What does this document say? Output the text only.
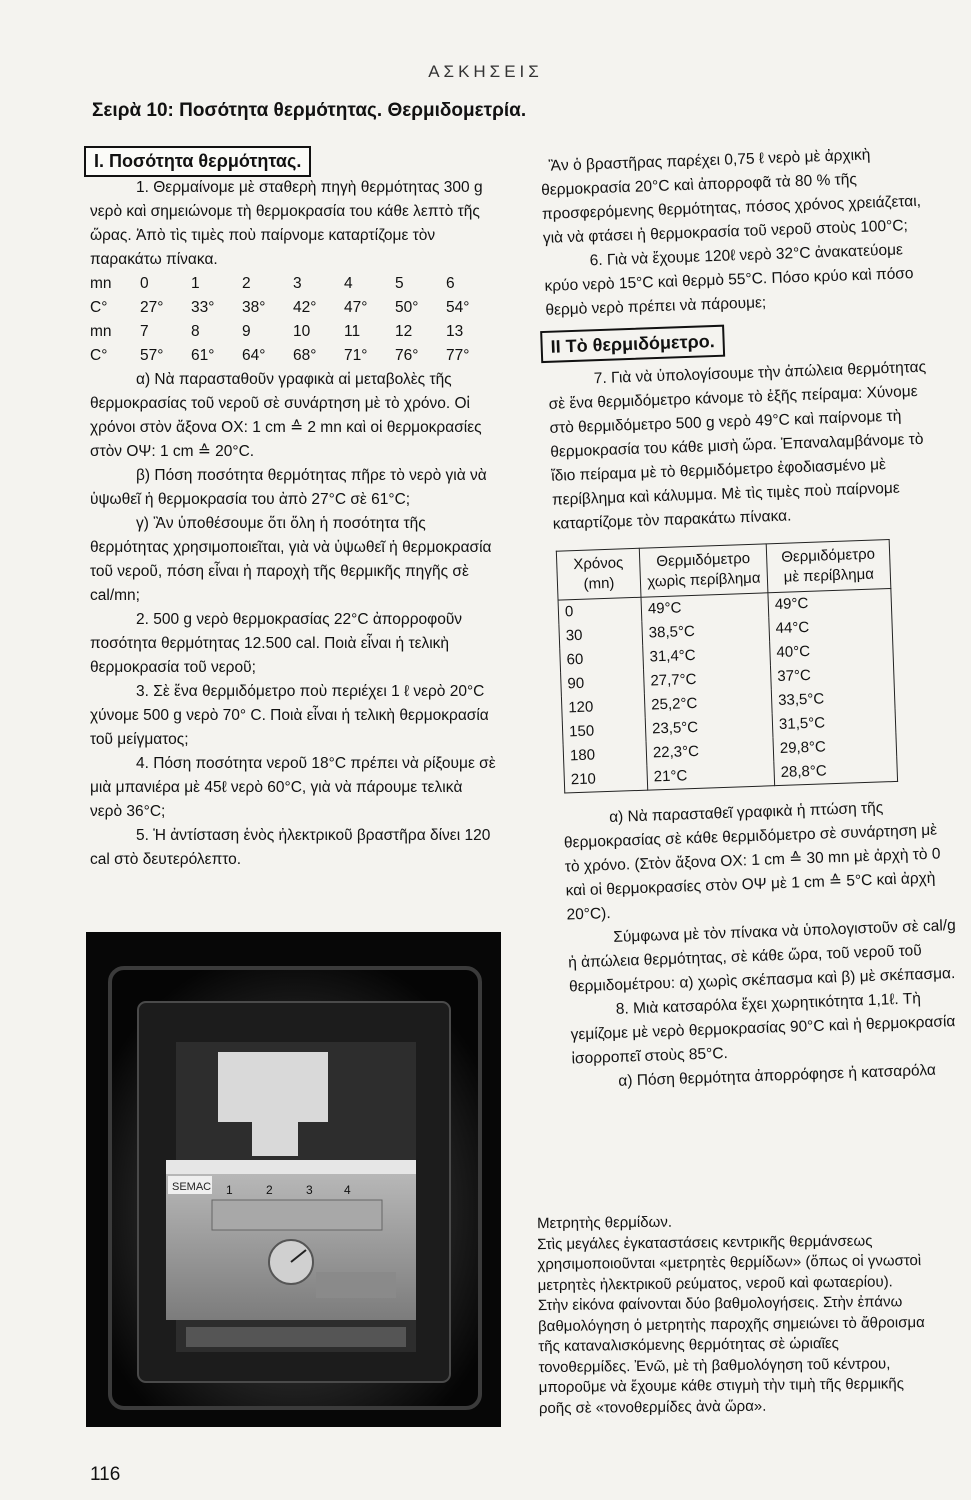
ΑΣΚΗΣΕΙΣ
Σειρὰ 10: Ποσότητα θερμότητας. Θερμιδομετρία.
I. Ποσότητα θερμότητας.

1. Θερμαίνομε μὲ σταθερὴ πηγὴ θερμότητας 300 g νερὸ καὶ σημειώνομε τὴ θερμοκρασία του κάθε λεπτὸ τῆς ὥρας. Ἀπὸ τὶς τιμὲς ποὺ παίρνομε καταρτίζομε τὸν παρακάτω πίνακα.

mn	0	1	2	3	4	5	6
C°	27°	33°	38°	42°	47°	50°	54°
mn	7	8	9	10	11	12	13
C°	57°	61°	64°	68°	71°	76°	77°

α) Νὰ παρασταθοῦν γραφικὰ αἱ μεταβολὲς τῆς θερμοκρασίας τοῦ νεροῦ σὲ συνάρτηση μὲ τὸ χρόνο. Οἱ χρόνοι στὸν ἄξονα ΟΧ: 1 cm ≙ 2 mn καὶ οἱ θερμοκρασίες στὸν ΟΨ: 1 cm ≙ 20°C.

β) Πόση ποσότητα θερμότητας πῆρε τὸ νερὸ γιὰ νὰ ὑψωθεῖ ἡ θερμοκρασία του ἀπὸ 27°C σὲ 61°C;

γ) Ἂν ὑποθέσουμε ὅτι ὅλη ἡ ποσότητα τῆς θερμότητας χρησιμοποιεῖται, γιὰ νὰ ὑψωθεῖ ἡ θερμοκρασία τοῦ νεροῦ, πόση εἶναι ἡ παροχὴ τῆς θερμικῆς πηγῆς σὲ cal/mn;

2. 500 g νερὸ θερμοκρασίας 22°C ἀπορροφοῦν ποσότητα θερμότητας 12.500 cal. Ποιὰ εἶναι ἡ τελικὴ θερμοκρασία τοῦ νεροῦ;

3. Σὲ ἕνα θερμιδόμετρο ποὺ περιέχει 1 ℓ νερὸ 20°C χύνομε 500 g νερὸ 70° C. Ποιὰ εἶναι ἡ τελικὴ θερμοκρασία τοῦ μείγματος;

4. Πόση ποσότητα νεροῦ 18°C πρέπει νὰ ρίξουμε σὲ μιὰ μπανιέρα μὲ 45ℓ νερὸ 60°C, γιὰ νὰ πάρουμε τελικὰ νερὸ 36°C;

5. Ἡ ἀντίσταση ἑνὸς ἠλεκτρικοῦ βραστῆρα δίνει 120 cal στὸ δευτερόλεπτο.

SEMAC 1	2	3	4

Ἂν ὁ βραστῆρας παρέχει 0,75 ℓ νερὸ μὲ ἀρχικὴ θερμοκρασία 20°C καὶ ἀπορροφᾶ τὰ 80 % τῆς προσφερόμενης θερμότητας, πόσος χρόνος χρειάζεται, γιὰ νὰ φτάσει ἡ θερμοκρασία τοῦ νεροῦ στοὺς 100°C;

6. Γιὰ νὰ ἔχουμε 120ℓ νερὸ 32°C ἀνακατεύομε κρύο νερὸ 15°C καὶ θερμὸ 55°C. Πόσο κρύο καὶ πόσο θερμὸ νερὸ πρέπει νὰ πάρουμε;

II Τὸ θερμιδόμετρο.

7. Γιὰ νὰ ὑπολογίσουμε τὴν ἀπώλεια θερμότητας σὲ ἕνα θερμιδόμετρο κάνομε τὸ ἑξῆς πείραμα: Χύνομε στὸ θερμιδόμετρο 500 g νερὸ 49°C καὶ παίρνομε τὴ θερμοκρασία του κάθε μισὴ ὥρα. Ἐπαναλαμβάνομε τὸ ἴδιο πείραμα μὲ τὸ θερμιδόμετρο ἐφοδιασμένο μὲ περίβλημα καὶ κάλυμμα. Μὲ τὶς τιμὲς ποὺ παίρνομε καταρτίζομε τὸν παρακάτω πίνακα.

Χρόνος (mn)	Θερμιδόμετρο χωρὶς περίβλημα	Θερμιδόμετρο μὲ περίβλημα
0	49°C	49°C
30	38,5°C	44°C
60	31,4°C	40°C
90	27,7°C	37°C
120	25,2°C	33,5°C
150	23,5°C	31,5°C
180	22,3°C	29,8°C
210	21°C	28,8°C

α) Νὰ παρασταθεῖ γραφικὰ ἡ πτώση τῆς θερμοκρασίας σὲ κάθε θερμιδόμετρο σὲ συνάρτηση μὲ τὸ χρόνο. (Στὸν ἄξονα ΟΧ: 1 cm ≙ 30 mn μὲ ἀρχὴ τὸ 0 καὶ οἱ θερμοκρασίες στὸν ΟΨ μὲ 1 cm ≙ 5°C καὶ ἀρχὴ 20°C).

Σύμφωνα μὲ τὸν πίνακα νὰ ὑπολογιστοῦν σὲ cal/g ἡ ἀπώλεια θερμότητας, σὲ κάθε ὥρα, τοῦ νεροῦ τοῦ θερμιδομέτρου: α) χωρὶς σκέπασμα καὶ β) μὲ σκέπασμα.

8. Μιὰ κατσαρόλα ἔχει χωρητικότητα 1,1ℓ. Τὴ γεμίζομε μὲ νερὸ θερμοκρασίας 90°C καὶ ἡ θερμοκρασία ἰσορροπεῖ στοὺς 85°C.

α) Πόση θερμότητα ἀπορρόφησε ἡ κατσαρόλα

Μετρητὴς θερμίδων.

Στὶς μεγάλες ἐγκαταστάσεις κεντρικῆς θερμάνσεως χρησιμοποιοῦνται «μετρητὲς θερμίδων» (ὅπως οἱ γνωστοὶ μετρητὲς ἠλεκτρικοῦ ρεύματος, νεροῦ καὶ φωταερίου).

Στὴν εἰκόνα φαίνονται δύο βαθμολογήσεις. Στὴν ἐπάνω βαθμολόγηση ὁ μετρητὴς παροχῆς σημειώνει τὸ ἄθροισμα τῆς καταναλισκόμενης θερμότητας σὲ ὡριαῖες τονοθερμίδες. Ἐνῶ, μὲ τὴ βαθμολόγηση τοῦ κέντρου, μποροῦμε νὰ ἔχουμε κάθε στιγμὴ τὴν τιμὴ τῆς θερμικῆς ροῆς σὲ «τονοθερμίδες ἀνὰ ὥρα».

116
